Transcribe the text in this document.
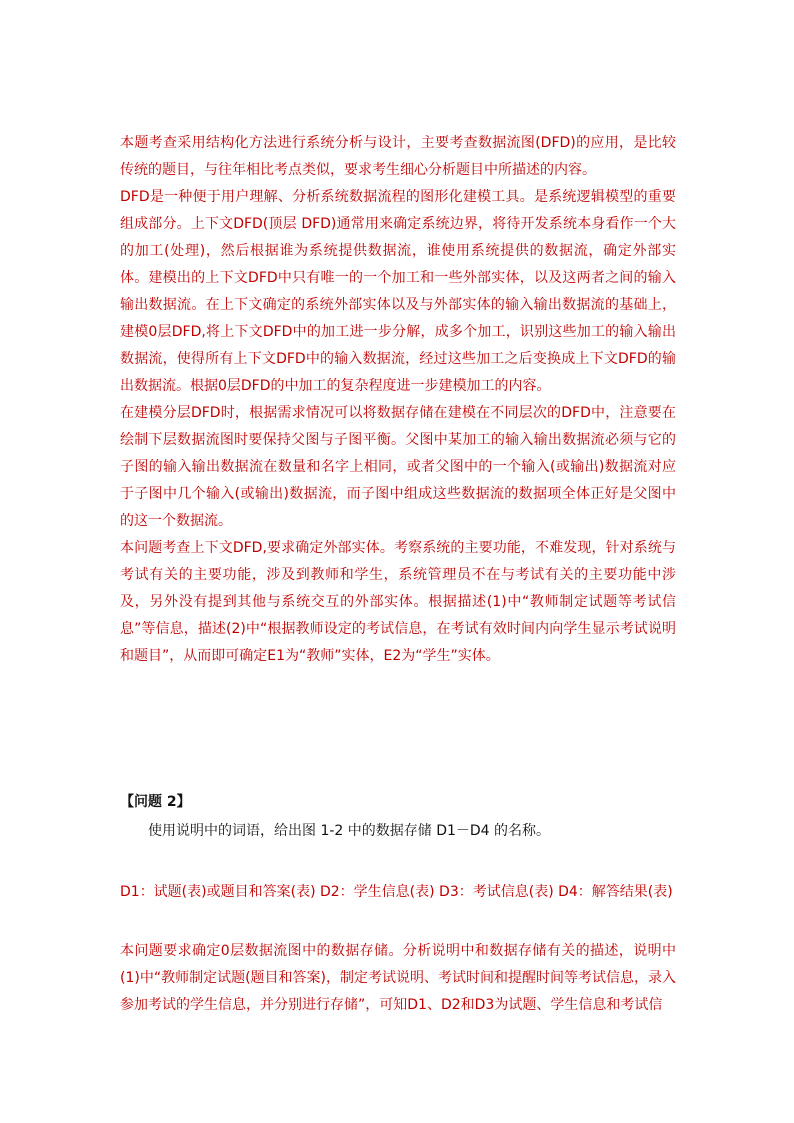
本题考查采用结构化方法进行系统分析与设计，主要考查数据流图(DFD)的应用，是比较传统的题目，与往年相比考点类似，要求考生细心分析题目中所描述的内容。

DFD是一种便于用户理解、分析系统数据流程的图形化建模工具。是系统逻辑模型的重要组成部分。上下文DFD(顶层 DFD)通常用来确定系统边界，将待开发系统本身看作一个大的加工(处理)，然后根据谁为系统提供数据流，谁使用系统提供的数据流，确定外部实体。建模出的上下文DFD中只有唯一的一个加工和一些外部实体，以及这两者之间的输入输出数据流。在上下文确定的系统外部实体以及与外部实体的输入输出数据流的基础上，建模0层DFD,将上下文DFD中的加工进一步分解，成多个加工，识别这些加工的输入输出数据流，使得所有上下文DFD中的输入数据流，经过这些加工之后变换成上下文DFD的输出数据流。根据0层DFD的中加工的复杂程度进一步建模加工的内容。

在建模分层DFD时，根据需求情况可以将数据存储在建模在不同层次的DFD中，注意要在绘制下层数据流图时要保持父图与子图平衡。父图中某加工的输入输出数据流必须与它的子图的输入输出数据流在数量和名字上相同，或者父图中的一个输入(或输出)数据流对应于子图中几个输入(或输出)数据流，而子图中组成这些数据流的数据项全体正好是父图中的这一个数据流。

本问题考查上下文DFD,要求确定外部实体。考察系统的主要功能，不难发现，针对系统与考试有关的主要功能，涉及到教师和学生，系统管理员不在与考试有关的主要功能中涉及，另外没有提到其他与系统交互的外部实体。根据描述(1)中“教师制定试题等考试信息”等信息，描述(2)中“根据教师设定的考试信息，在考试有效时间内向学生显示考试说明和题目”，从而即可确定E1为“教师”实体，E2为“学生”实体。

【问题 2】

使用说明中的词语，给出图 1-2 中的数据存储 D1－D4 的名称。

D1：试题(表)或题目和答案(表) D2：学生信息(表) D3：考试信息(表) D4：解答结果(表)

本问题要求确定0层数据流图中的数据存储。分析说明中和数据存储有关的描述，说明中(1)中“教师制定试题(题目和答案)，制定考试说明、考试时间和提醒时间等考试信息，录入参加考试的学生信息，并分别进行存储”，可知D1、D2和D3为试题、学生信息和考试信
